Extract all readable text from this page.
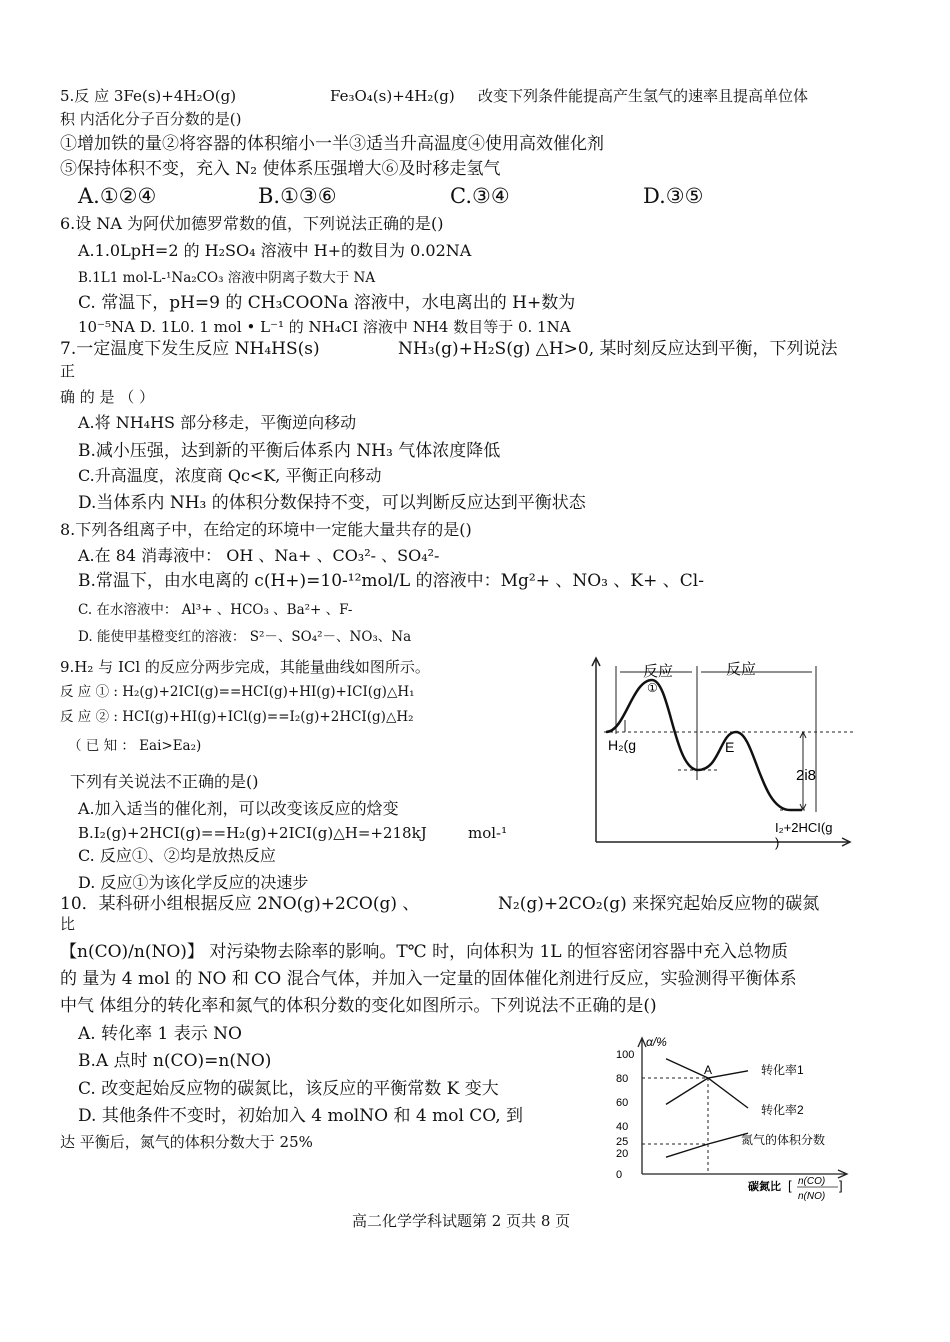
5.反 应 3Fe(s)+4H₂O(g)	Fe₃O₄(s)+4H₂(g) 改变下列条件能提高产生氢气的速率且提高单位体
积 内活化分子百分数的是()
①增加铁的量②将容器的体积缩小一半③适当升高温度④使用高效催化剂
⑤保持体积不变，充入 N₂ 使体系压强增大⑥及时移走氢气
A.①②④	B.①③⑥	C.③④	D.③⑤
6.设 NA 为阿伏加德罗常数的值，下列说法正确的是()
A.1.0LpH=2 的 H₂SO₄ 溶液中 H+的数目为 0.02NA
B.1L1 mol-L-¹Na₂CO₃ 溶液中阴离子数大于 NA
C. 常温下，pH=9 的 CH₃COONa 溶液中，水电离出的 H+数为
10⁻⁵NA D. 1L0. 1 mol • L⁻¹ 的 NH₄CI 溶液中 NH4 数目等于 0. 1NA
7.一定温度下发生反应 NH₄HS(s)	NH₃(g)+H₂S(g) △H>0, 某时刻反应达到平衡，下列说法
正
确 的 是 （ ）
A.将 NH₄HS 部分移走，平衡逆向移动
B.减小压强，达到新的平衡后体系内 NH₃ 气体浓度降低
C.升高温度，浓度商 Qc<K, 平衡正向移动
D.当体系内 NH₃ 的体积分数保持不变，可以判断反应达到平衡状态
8.下列各组离子中，在给定的环境中一定能大量共存的是()
A.在 84 消毒液中： OH 、Na+ 、CO₃²- 、SO₄²-
B.常温下，由水电离的 c(H+)=10-¹²mol/L 的溶液中：Mg²+ 、NO₃ 、K+ 、Cl-
C. 在水溶液中： Al³+ 、HCO₃ 、Ba²+ 、F-
D. 能使甲基橙变红的溶液： S²－、SO₄²－、NO₃、Na
9.H₂ 与 ICl 的反应分两步完成，其能量曲线如图所示。
反 应 ① : H₂(g)+2ICI(g)==HCI(g)+HI(g)+ICI(g)△H₁
反 应 ② : HCI(g)+HI(g)+ICl(g)==I₂(g)+2HCI(g)△H₂
（ 已 知 ： Eai>Ea₂)
下列有关说法不正确的是()
A.加入适当的催化剂，可以改变该反应的焓变
B.I₂(g)+2HCI(g)==H₂(g)+2ICI(g)△H=+218kJ	mol-¹
C. 反应①、②均是放热反应
D. 反应①为该化学反应的决速步
反应
①
反应
H₂(g	E
2i8
I₂+2HCI(g
)
10．某科研小组根据反应 2NO(g)+2CO(g) 、	N₂(g)+2CO₂(g) 来探究起始反应物的碳氮
比
【n(CO)/n(NO)】 对污染物去除率的影响。T℃ 时，向体积为 1L 的恒容密闭容器中充入总物质
的 量为 4 mol 的 NO 和 CO 混合气体，并加入一定量的固体催化剂进行反应，实验测得平衡体系
中气 体组分的转化率和氮气的体积分数的变化如图所示。下列说法不正确的是()
A. 转化率 1 表示 NO
B.A 点时 n(CO)=n(NO)
C. 改变起始反应物的碳氮比，该反应的平衡常数 K 变大
D. 其他条件不变时，初始加入 4 molNO 和 4 mol CO, 到
达 平衡后，氮气的体积分数大于 25%
α/%
100
80
60
40
25
20
0
A	转化率1
转化率2
氮气的体积分数
碳氮比 [ n(CO)
n(NO)
]
高二化学学科试题第 2 页共 8 页
